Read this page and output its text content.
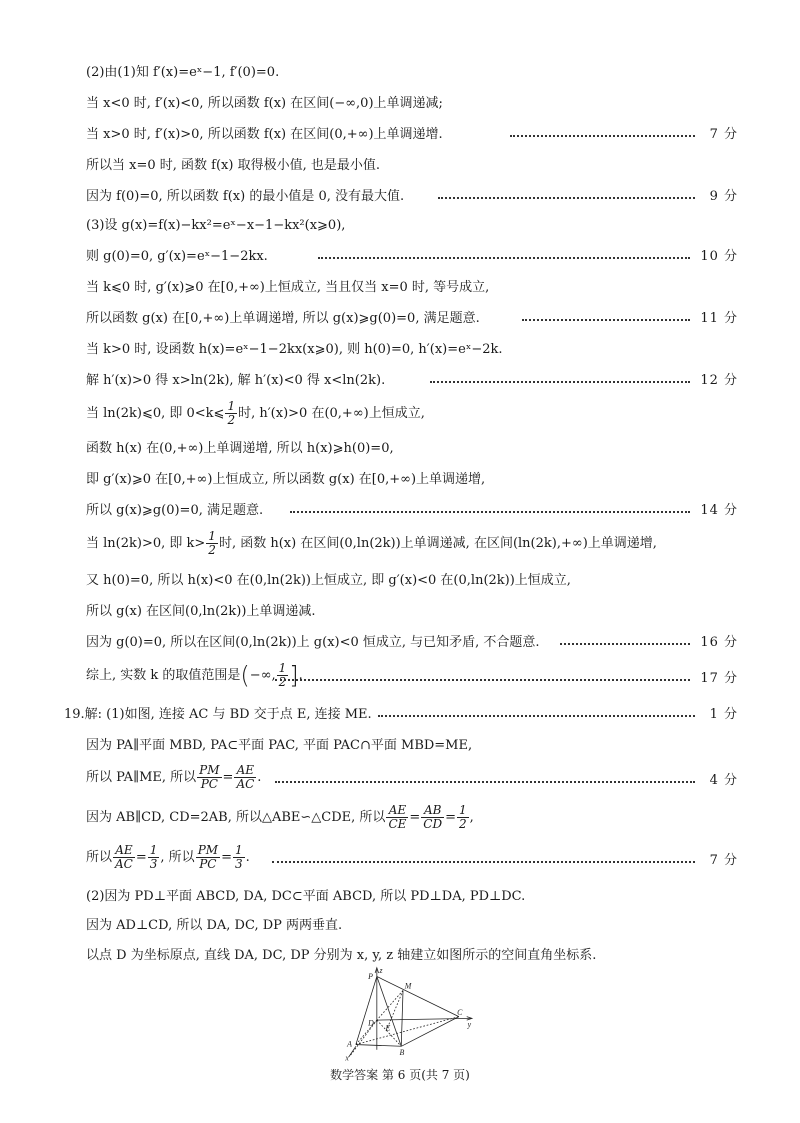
(2)由(1)知 f′(x)=eˣ−1, f′(0)=0.
当 x<0 时, f′(x)<0, 所以函数 f(x) 在区间(−∞,0)上单调递减;
当 x>0 时, f′(x)>0, 所以函数 f(x) 在区间(0,+∞)上单调递增.	7 分
所以当 x=0 时, 函数 f(x) 取得极小值, 也是最小值.
因为 f(0)=0, 所以函数 f(x) 的最小值是 0, 没有最大值.	9 分
(3)设 g(x)=f(x)−kx²=eˣ−x−1−kx²(x⩾0),
则 g(0)=0, g′(x)=eˣ−1−2kx.	10 分
当 k⩽0 时, g′(x)⩾0 在[0,+∞)上恒成立, 当且仅当 x=0 时, 等号成立,
所以函数 g(x) 在[0,+∞)上单调递增, 所以 g(x)⩾g(0)=0, 满足题意.	11 分
当 k>0 时, 设函数 h(x)=eˣ−1−2kx(x⩾0), 则 h(0)=0, h′(x)=eˣ−2k.
解 h′(x)>0 得 x>ln(2k), 解 h′(x)<0 得 x<ln(2k).	12 分
当 ln(2k)⩽0, 即 0<k⩽ $\frac{1}{2}$ 时, h′(x)>0 在(0,+∞)上恒成立,
函数 h(x) 在(0,+∞)上单调递增, 所以 h(x)⩾h(0)=0,
即 g′(x)⩾0 在[0,+∞)上恒成立, 所以函数 g(x) 在[0,+∞)上单调递增,
所以 g(x)⩾g(0)=0, 满足题意.	14 分
当 ln(2k)>0, 即 $k> \frac{1}{2}$ 时, 函数 h(x) 在区间(0,ln(2k))上单调递减, 在区间(ln(2k),+∞)上单调递增,
又 h(0)=0, 所以 h(x)<0 在(0,ln(2k))上恒成立, 即 g′(x)<0 在(0,ln(2k))上恒成立,
所以 g(x) 在区间(0,ln(2k))上单调递减.
因为 g(0)=0, 所以在区间(0,ln(2k))上 g(x)<0 恒成立, 与已知矛盾, 不合题意.	16 分
综上, 实数 k 的取值范围是(−∞, $\frac{1}{2}$ ].	17 分
19.解: (1)如图, 连接 AC 与 BD 交于点 E, 连接 ME.	1 分
因为 PA∥平面 MBD, PA⊂平面 PAC, 平面 PAC∩平面 MBD=ME,
所以 PA∥ME, 所以 $\frac{PM}{PC} = \frac{AE}{AC}$ .	4 分
因为 AB∥CD, CD=2AB, 所以△ABE∽△CDE, 所以 $\frac{AE}{CE} = \frac{AB}{CD} = \frac{1}{2}$ ,
所以 $\frac{AE}{AC} = \frac{1}{3}$ , 所以 $\frac{PM}{PC} = \frac{1}{3}$ .	7 分
(2)因为 PD⊥平面 ABCD, DA, DC⊂平面 ABCD, 所以 PD⊥DA, PD⊥DC.
因为 AD⊥CD, 所以 DA, DC, DP 两两垂直.
以点 D 为坐标原点, 直线 DA, DC, DP 分别为 x, y, z 轴建立如图所示的空间直角坐标系.
z
P
M
D
E
A
B
C
y
x
数学答案 第 6 页(共 7 页)
